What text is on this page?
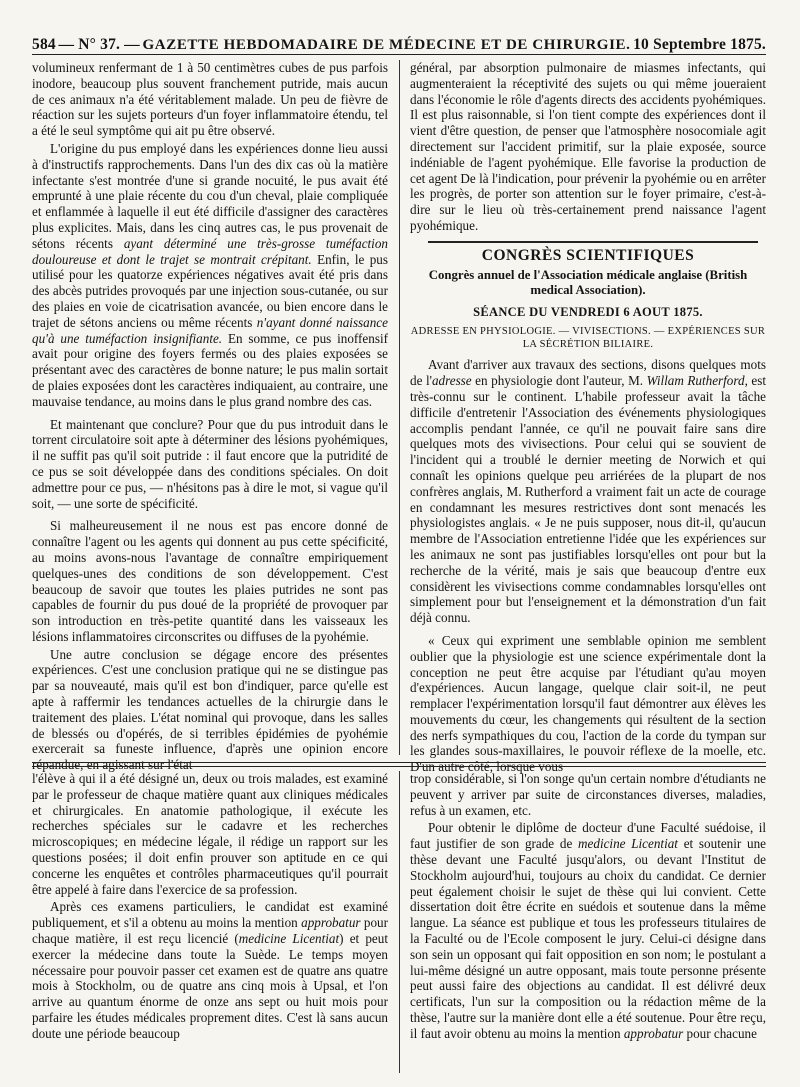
584 — N° 37. — GAZETTE HEBDOMADAIRE DE MÉDECINE ET DE CHIRURGIE. 10 Septembre 1875.

volumineux renfermant de 1 à 50 centimètres cubes de pus parfois inodore, beaucoup plus souvent franchement putride, mais aucun de ces animaux n'a été véritablement malade. Un peu de fièvre de réaction sur les sujets porteurs d'un foyer inflammatoire étendu, tel a été le seul symptôme qui ait pu être observé.

L'origine du pus employé dans les expériences donne lieu aussi à d'instructifs rapprochements. Dans l'un des dix cas où la matière infectante s'est montrée d'une si grande nocuité, le pus avait été emprunté à une plaie récente du cou d'un cheval, plaie compliquée et enflammée à laquelle il eut été difficile d'assigner des caractères plus explicites. Mais, dans les cinq autres cas, le pus provenait de sétons récents ayant déterminé une très-grosse tuméfaction douloureuse et dont le trajet se montrait crépitant. Enfin, le pus utilisé pour les quatorze expériences négatives avait été pris dans des abcès putrides provoqués par une injection sous-cutanée, ou sur des plaies en voie de cicatrisation avancée, ou bien encore dans le trajet de sétons anciens ou même récents n'ayant donné naissance qu'à une tuméfaction insignifiante. En somme, ce pus inoffensif avait pour origine des foyers fermés ou des plaies exposées se présentant avec des caractères de bonne nature; le pus malin sortait de plaies exposées dont les caractères indiquaient, au contraire, une mauvaise tendance, au moins dans le plus grand nombre des cas.

Et maintenant que conclure? Pour que du pus introduit dans le torrent circulatoire soit apte à déterminer des lésions pyohémiques, il ne suffit pas qu'il soit putride : il faut encore que la putridité de ce pus se soit développée dans des conditions spéciales. On doit admettre pour ce pus, — n'hésitons pas à dire le mot, si vague qu'il soit, — une sorte de spécificité.

Si malheureusement il ne nous est pas encore donné de connaître l'agent ou les agents qui donnent au pus cette spécificité, au moins avons-nous l'avantage de connaître empiriquement quelques-unes des conditions de son développement. C'est beaucoup de savoir que toutes les plaies putrides ne sont pas capables de fournir du pus doué de la propriété de provoquer par son introduction en très-petite quantité dans les vaisseaux les lésions inflammatoires circonscrites ou diffuses de la pyohémie.

Une autre conclusion se dégage encore des présentes expériences. C'est une conclusion pratique qui ne se distingue pas par sa nouveauté, mais qu'il est bon d'indiquer, parce qu'elle est apte à raffermir les tendances actuelles de la chirurgie dans le traitement des plaies. L'état nominal qui provoque, dans les salles de blessés ou d'opérés, de si terribles épidémies de pyohémie exercerait sa funeste influence, d'après une opinion encore répandue, en agissant sur l'état

général, par absorption pulmonaire de miasmes infectants, qui augmenteraient la réceptivité des sujets ou qui même joueraient dans l'économie le rôle d'agents directs des accidents pyohémiques. Il est plus raisonnable, si l'on tient compte des expériences dont il vient d'être question, de penser que l'atmosphère nosocomiale agit directement sur l'accident primitif, sur la plaie exposée, source indéniable de l'agent pyohémique. Elle favorise la production de cet agent De là l'indication, pour prévenir la pyohémie ou en arrêter les progrès, de porter son attention sur le foyer primaire, c'est-à-dire sur le lieu où très-certainement prend naissance l'agent pyohémique.

CONGRÈS SCIENTIFIQUES
Congrès annuel de l'Association médicale anglaise (British medical Association).
SÉANCE DU VENDREDI 6 AOUT 1875.
ADRESSE EN PHYSIOLOGIE. — VIVISECTIONS. — EXPÉRIENCES SUR LA SÉCRÉTION BILIAIRE.

Avant d'arriver aux travaux des sections, disons quelques mots de l'adresse en physiologie dont l'auteur, M. Willam Rutherford, est très-connu sur le continent. L'habile professeur avait la tâche difficile d'entretenir l'Association des événements physiologiques accomplis pendant l'année, ce qu'il ne pouvait faire sans dire quelques mots des vivisections. Pour celui qui se souvient de l'incident qui a troublé le dernier meeting de Norwich et qui connaît les opinions quelque peu arriérées de la plupart de nos confrères anglais, M. Rutherford a vraiment fait un acte de courage en condamnant les mesures restrictives dont sont menacés les physiologistes anglais. « Je ne puis supposer, nous dit-il, qu'aucun membre de l'Association entretienne l'idée que les expériences sur les animaux ne sont pas justifiables lorsqu'elles ont pour but la recherche de la vérité, mais je sais que beaucoup d'entre eux considèrent les vivisections comme condamnables lorsqu'elles ont simplement pour but l'enseignement et la démonstration d'un fait déjà connu.

« Ceux qui expriment une semblable opinion me semblent oublier que la physiologie est une science expérimentale dont la conception ne peut être acquise par l'étudiant qu'au moyen d'expériences. Aucun langage, quelque clair soit-il, ne peut remplacer l'expérimentation lorsqu'il faut démontrer aux élèves les mouvements du cœur, les changements qui résultent de la section des nerfs sympathiques du cou, l'action de la corde du tympan sur les glandes sous-maxillaires, le pouvoir réflexe de la moelle, etc. D'un autre côté, lorsque vous

l'élève à qui il a été désigné un, deux ou trois malades, est examiné par le professeur de chaque matière quant aux cliniques médicales et chirurgicales. En anatomie pathologique, il exécute les recherches spéciales sur le cadavre et les recherches microscopiques; en médecine légale, il rédige un rapport sur les questions posées; il doit enfin prouver son aptitude en ce qui concerne les enquêtes et contrôles pharmaceutiques qu'il pourrait être appelé à faire dans l'exercice de sa profession.

Après ces examens particuliers, le candidat est examiné publiquement, et s'il a obtenu au moins la mention approbatur pour chaque matière, il est reçu licencié (medicine Licentiat) et peut exercer la médecine dans toute la Suède. Le temps moyen nécessaire pour pouvoir passer cet examen est de quatre ans quatre mois à Stockholm, ou de quatre ans cinq mois à Upsal, et l'on arrive au quantum énorme de onze ans sept ou huit mois pour parfaire les études médicales proprement dites. C'est là sans aucun doute une période beaucoup

trop considérable, si l'on songe qu'un certain nombre d'étudiants ne peuvent y arriver par suite de circonstances diverses, maladies, refus à un examen, etc.

Pour obtenir le diplôme de docteur d'une Faculté suédoise, il faut justifier de son grade de medicine Licentiat et soutenir une thèse devant une Faculté jusqu'alors, ou devant l'Institut de Stockholm aujourd'hui, toujours au choix du candidat. Ce dernier peut également choisir le sujet de thèse qui lui convient. Cette dissertation doit être écrite en suédois et soutenue dans la même langue. La séance est publique et tous les professeurs titulaires de la Faculté ou de l'Ecole composent le jury. Celui-ci désigne dans son sein un opposant qui fait opposition en son nom; le postulant a lui-même désigné un autre opposant, mais toute personne présente peut aussi faire des objections au candidat. Il est délivré deux certificats, l'un sur la composition ou la rédaction même de la thèse, l'autre sur la manière dont elle a été soutenue. Pour être reçu, il faut avoir obtenu au moins la mention approbatur pour chacune
